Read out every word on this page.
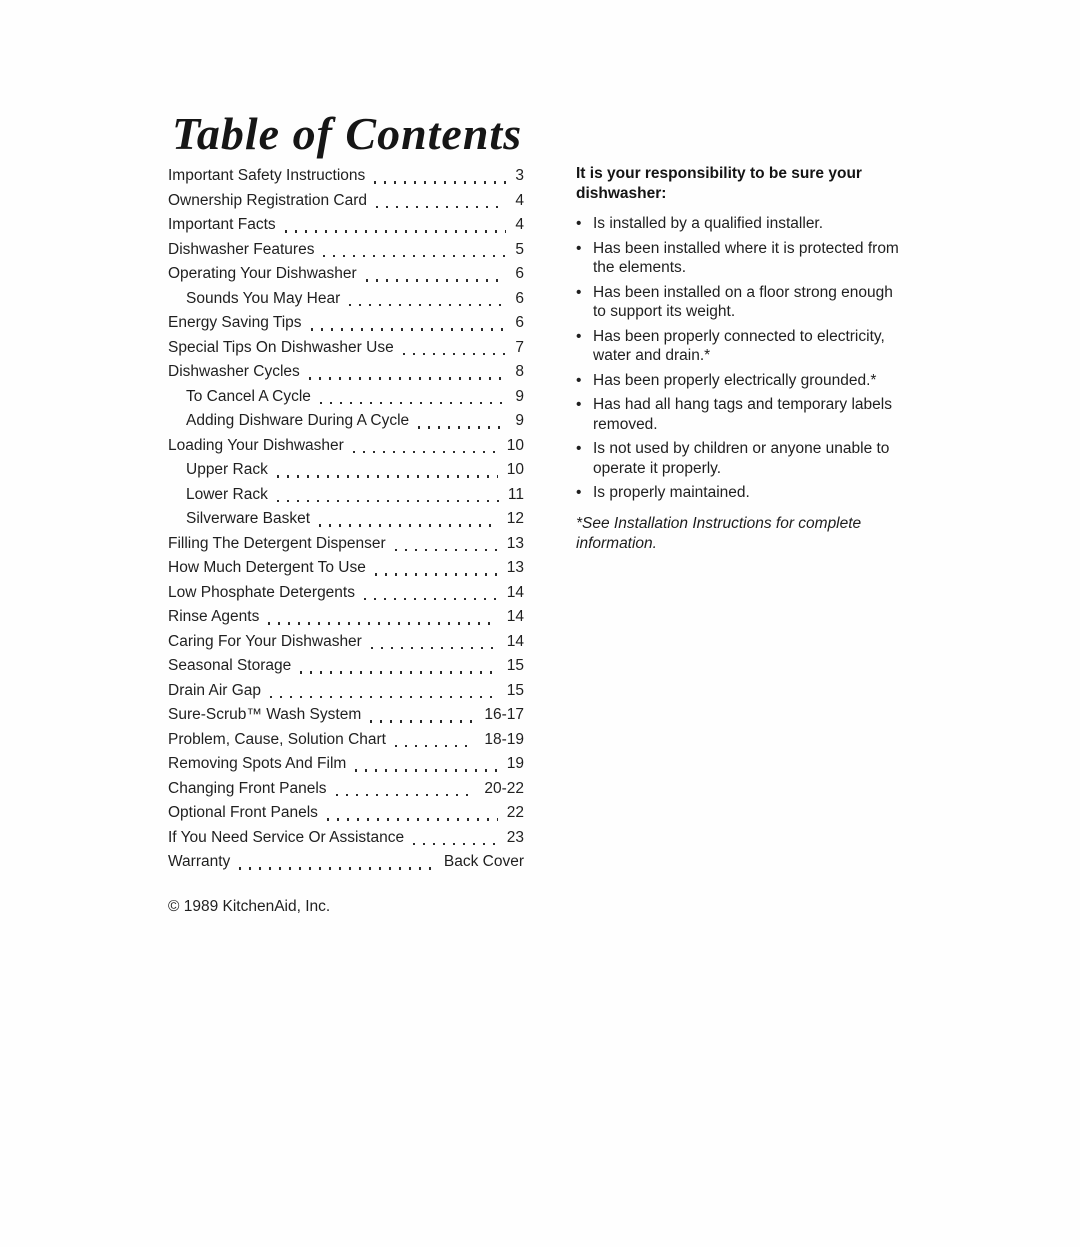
Table of Contents
Important Safety Instructions	3
Ownership Registration Card	4
Important Facts	4
Dishwasher Features	5
Operating Your Dishwasher	6
Sounds You May Hear	6
Energy Saving Tips	6
Special Tips On Dishwasher Use	7
Dishwasher Cycles	8
To Cancel A Cycle	9
Adding Dishware During A Cycle	9
Loading Your Dishwasher	10
Upper Rack	10
Lower Rack	11
Silverware Basket	12
Filling The Detergent Dispenser	13
How Much Detergent To Use	13
Low Phosphate Detergents	14
Rinse Agents	14
Caring For Your Dishwasher	14
Seasonal Storage	15
Drain Air Gap	15
Sure-Scrub™ Wash System	16-17
Problem, Cause, Solution Chart	18-19
Removing Spots And Film	19
Changing Front Panels	20-22
Optional Front Panels	22
If You Need Service Or Assistance	23
Warranty	Back Cover
It is your responsibility to be sure your dishwasher:
• Is installed by a qualified installer.
• Has been installed where it is protected from the elements.
• Has been installed on a floor strong enough to support its weight.
• Has been properly connected to electricity, water and drain.*
• Has been properly electrically grounded.*
• Has had all hang tags and temporary labels removed.
• Is not used by children or anyone unable to operate it properly.
• Is properly maintained.
*See Installation Instructions for complete information.
© 1989 KitchenAid, Inc.
